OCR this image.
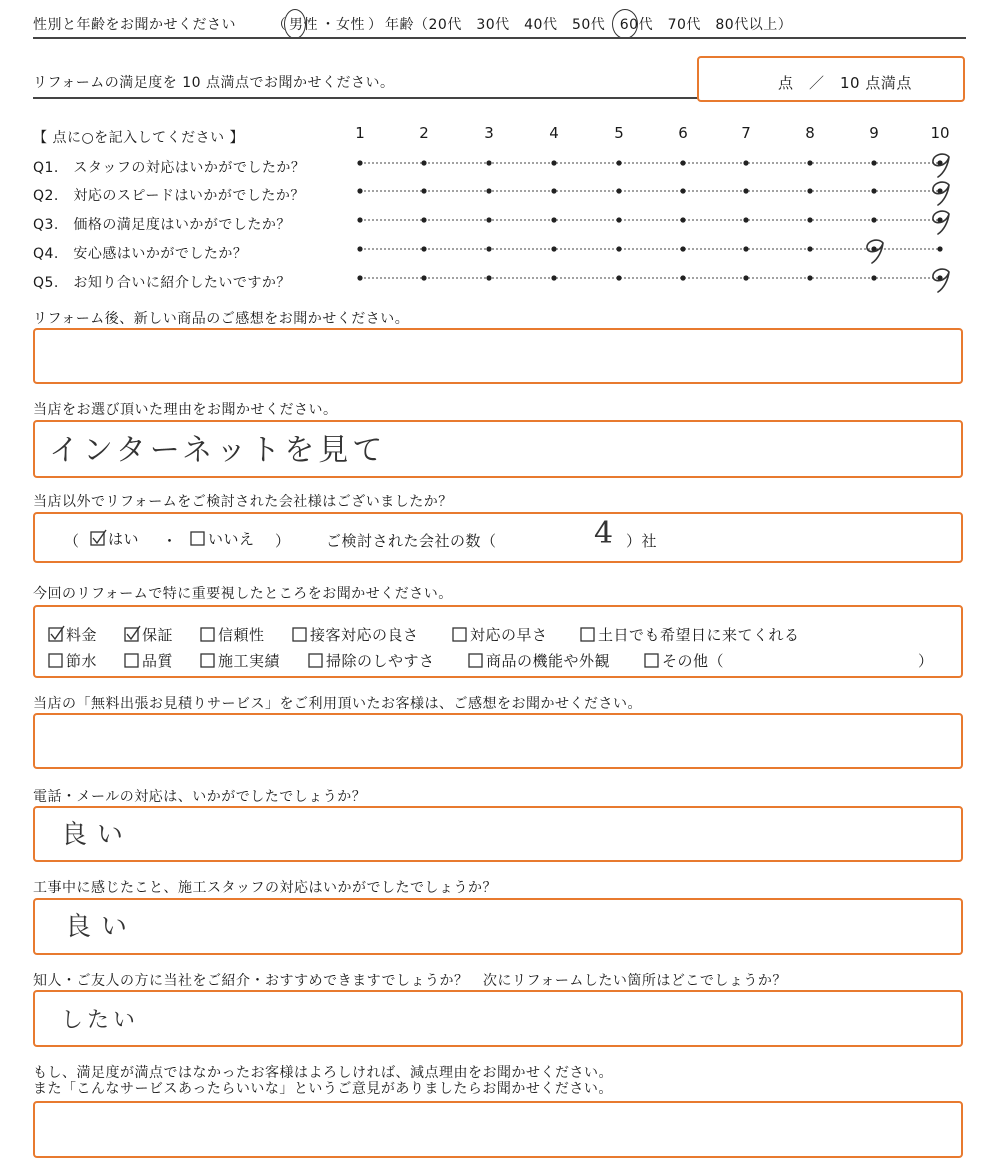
性別と年齢をお聞かせください	（ 男性 ・ 女性 ） 年齢（20代　30代　40代　50代　60代　70代　80代以上）
リフォームの満足度を 10 点満点でお聞かせください。	点　／　10 点満点
【 点に○を記入してください 】	1	2	3	4	5	6	7	8	9	10
Q1.　スタッフの対応はいかがでしたか？
Q2.　対応のスピードはいかがでしたか？
Q3.　価格の満足度はいかがでしたか？
Q4.　安心感はいかがでしたか？
Q5.　お知り合いに紹介したいですか？
リフォーム後、新しい商品のご感想をお聞かせください。
当店をお選び頂いた理由をお聞かせください。
インターネットを見て
当店以外でリフォームをご検討された会社様はございましたか？
（	はい ・	いいえ ） ご検討された会社の数（	4 ）社
今回のリフォームで特に重要視したところをお聞かせください。
料金	保証	信頼性	接客対応の良さ	対応の早さ	土日でも希望日に来てくれる
節水	品質	施工実績	掃除のしやすさ	商品の機能や外観	その他（	）
当店の「無料出張お見積りサービス」をご利用頂いたお客様は、ご感想をお聞かせください。
電話・メールの対応は、いかがでしたでしょうか？
良い
工事中に感じたこと、施工スタッフの対応はいかがでしたでしょうか？
良い
知人・ご友人の方に当社をご紹介・おすすめできますでしょうか？　次にリフォームしたい箇所はどこでしょうか？
したい
もし、満足度が満点ではなかったお客様はよろしければ、減点理由をお聞かせください。
また「こんなサービスあったらいいな」というご意見がありましたらお聞かせください。
